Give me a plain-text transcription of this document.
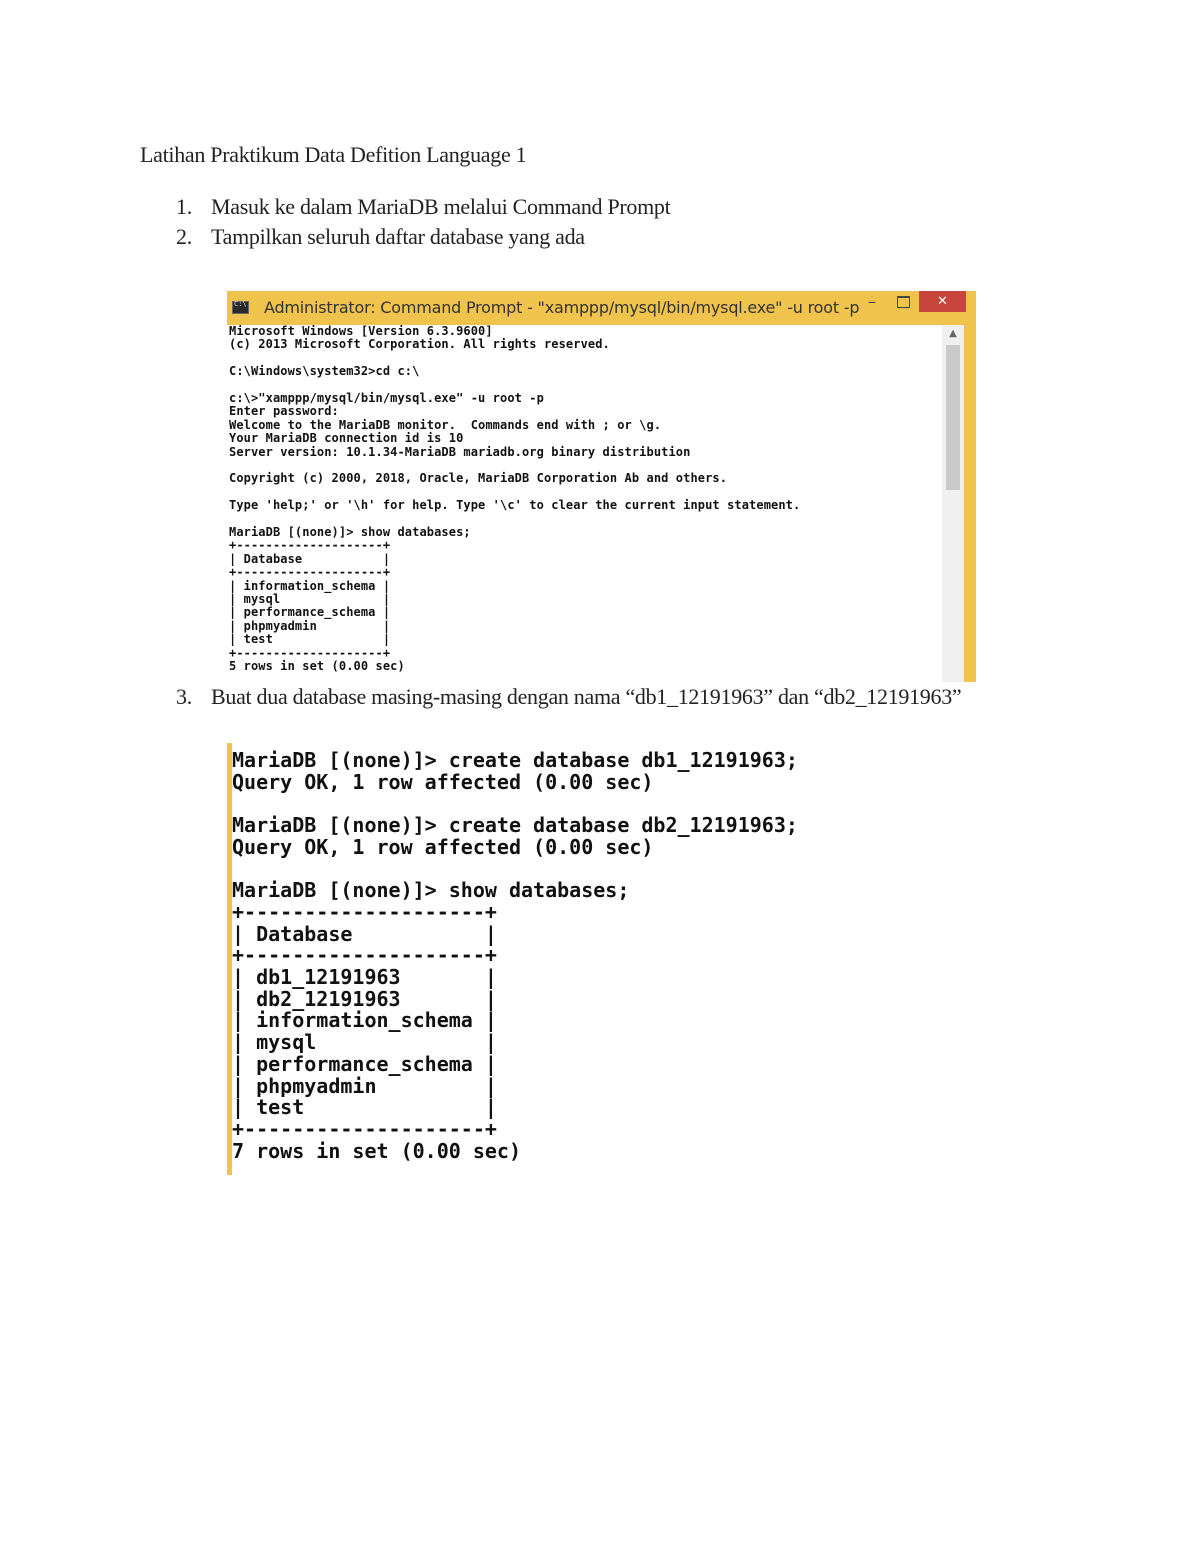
Latihan Praktikum Data Defition Language 1
1. Masuk ke dalam MariaDB melalui Command Prompt
2. Tampilkan seluruh daftar database yang ada
C:\
Administrator: Command Prompt - "xamppp/mysql/bin/mysql.exe" -u root -p –	✕
Microsoft Windows [Version 6.3.9600]
(c) 2013 Microsoft Corporation. All rights reserved.
C:\Windows\system32>cd c:\
c:\>"xamppp/mysql/bin/mysql.exe" -u root -p
Enter password:
Welcome to the MariaDB monitor.  Commands end with ; or \g.
Your MariaDB connection id is 10
Server version: 10.1.34-MariaDB mariadb.org binary distribution
Copyright (c) 2000, 2018, Oracle, MariaDB Corporation Ab and others.
Type 'help;' or '\h' for help. Type '\c' to clear the current input statement.
MariaDB [(none)]> show databases;
+--------------------+
| Database           |
+--------------------+
| information_schema |
| mysql              |
| performance_schema |
| phpmyadmin         |
| test               |
+--------------------+
5 rows in set (0.00 sec)
▲
3. Buat dua database masing-masing dengan nama “db1_12191963” dan “db2_12191963”
MariaDB [(none)]> create database db1_12191963;
Query OK, 1 row affected (0.00 sec)
MariaDB [(none)]> create database db2_12191963;
Query OK, 1 row affected (0.00 sec)
MariaDB [(none)]> show databases;
+--------------------+
| Database           |
+--------------------+
| db1_12191963       |
| db2_12191963       |
| information_schema |
| mysql              |
| performance_schema |
| phpmyadmin         |
| test               |
+--------------------+
7 rows in set (0.00 sec)
